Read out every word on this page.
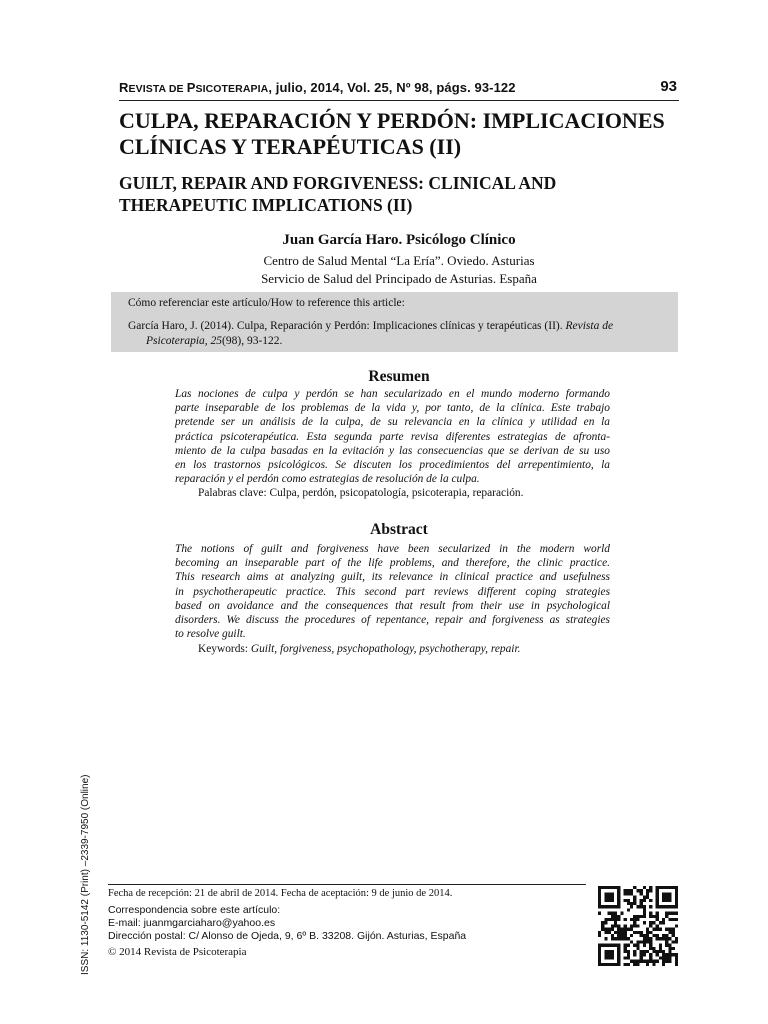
REVISTA DE PSICOTERAPIA, julio, 2014, Vol. 25, Nº 98, págs. 93-122	93
CULPA, REPARACIÓN Y PERDÓN: IMPLICACIONES
CLÍNICAS Y TERAPÉUTICAS (II)
GUILT, REPAIR AND FORGIVENESS: CLINICAL AND
THERAPEUTIC IMPLICATIONS (II)
Juan García Haro. Psicólogo Clínico
Centro de Salud Mental “La Ería”. Oviedo. Asturias
Servicio de Salud del Principado de Asturias. España
Cómo referenciar este artículo/How to reference this article:
García Haro, J. (2014). Culpa, Reparación y Perdón: Implicaciones clínicas y terapéuticas (II). Revista de
Psicoterapia, 25(98), 93-122.
Resumen
Las nociones de culpa y perdón se han secularizado en el mundo moderno formando
parte inseparable de los problemas de la vida y, por tanto, de la clínica. Este trabajo
pretende ser un análisis de la culpa, de su relevancia en la clínica y utilidad en la
práctica psicoterapéutica. Esta segunda parte revisa diferentes estrategias de afronta-
miento de la culpa basadas en la evitación y las consecuencias que se derivan de su uso
en los trastornos psicológicos. Se discuten los procedimientos del arrepentimiento, la
reparación y el perdón como estrategias de resolución de la culpa.
Palabras clave: Culpa, perdón, psicopatología, psicoterapia, reparación.
Abstract
The notions of guilt and forgiveness have been secularized in the modern world
becoming an inseparable part of the life problems, and therefore, the clinic practice.
This research aims at analyzing guilt, its relevance in clinical practice and usefulness
in psychotherapeutic practice. This second part reviews different coping strategies
based on avoidance and the consequences that result from their use in psychological
disorders. We discuss the procedures of repentance, repair and forgiveness as strategies
to resolve guilt.
Keywords: Guilt, forgiveness, psychopathology, psychotherapy, repair.
ISSN: 1130-5142 (Print) –2339-7950 (Online) Fecha de recepción: 21 de abril de 2014. Fecha de aceptación: 9 de junio de 2014.
Correspondencia sobre este artículo:
E-mail: juanmgarciaharo@yahoo.es
Dirección postal: C/ Alonso de Ojeda, 9, 6º B. 33208. Gijón. Asturias, España
© 2014 Revista de Psicoterapia
